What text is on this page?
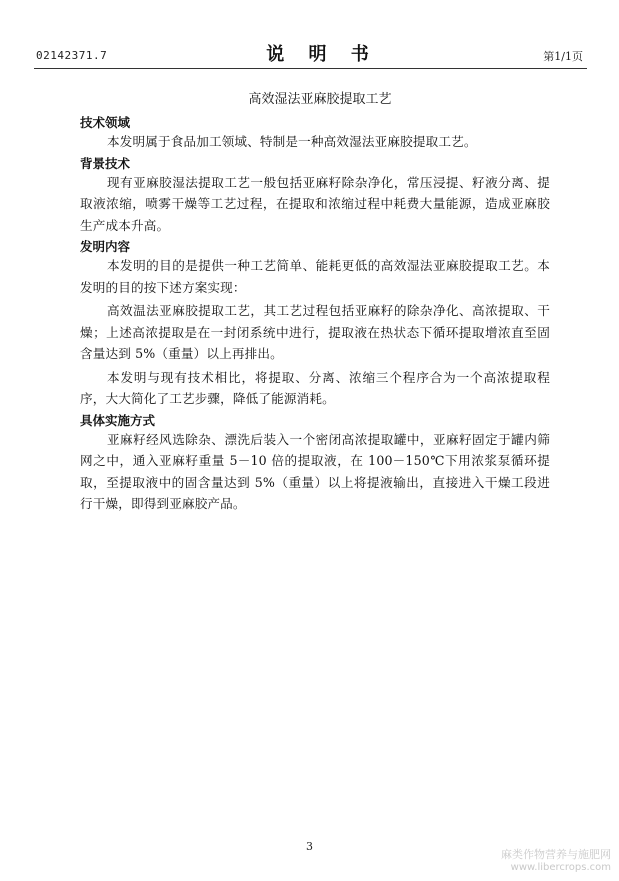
02142371.7	说 明 书	第1/1页
高效湿法亚麻胶提取工艺
技术领域

本发明属于食品加工领域、特制是一种高效湿法亚麻胶提取工艺。

背景技术

现有亚麻胶湿法提取工艺一般包括亚麻籽除杂净化，常压浸提、籽液分离、提取液浓缩，喷雾干燥等工艺过程，在提取和浓缩过程中耗费大量能源，造成亚麻胶生产成本升高。

发明内容

本发明的目的是提供一种工艺简单、能耗更低的高效湿法亚麻胶提取工艺。本发明的目的按下述方案实现：

高效温法亚麻胶提取工艺，其工艺过程包括亚麻籽的除杂净化、高浓提取、干燥；上述高浓提取是在一封闭系统中进行，提取液在热状态下循环提取增浓直至固含量达到 5%（重量）以上再排出。

本发明与现有技术相比，将提取、分离、浓缩三个程序合为一个高浓提取程序，大大简化了工艺步骤，降低了能源消耗。

具体实施方式

亚麻籽经风选除杂、漂洗后装入一个密闭高浓提取罐中，亚麻籽固定于罐内筛网之中，通入亚麻籽重量 5－10 倍的提取液，在 100－150℃下用浓浆泵循环提取，至提取液中的固含量达到 5%（重量）以上将提液输出，直接进入干燥工段进行干燥，即得到亚麻胶产品。

3
麻类作物营养与施肥网
www.libercrops.com
